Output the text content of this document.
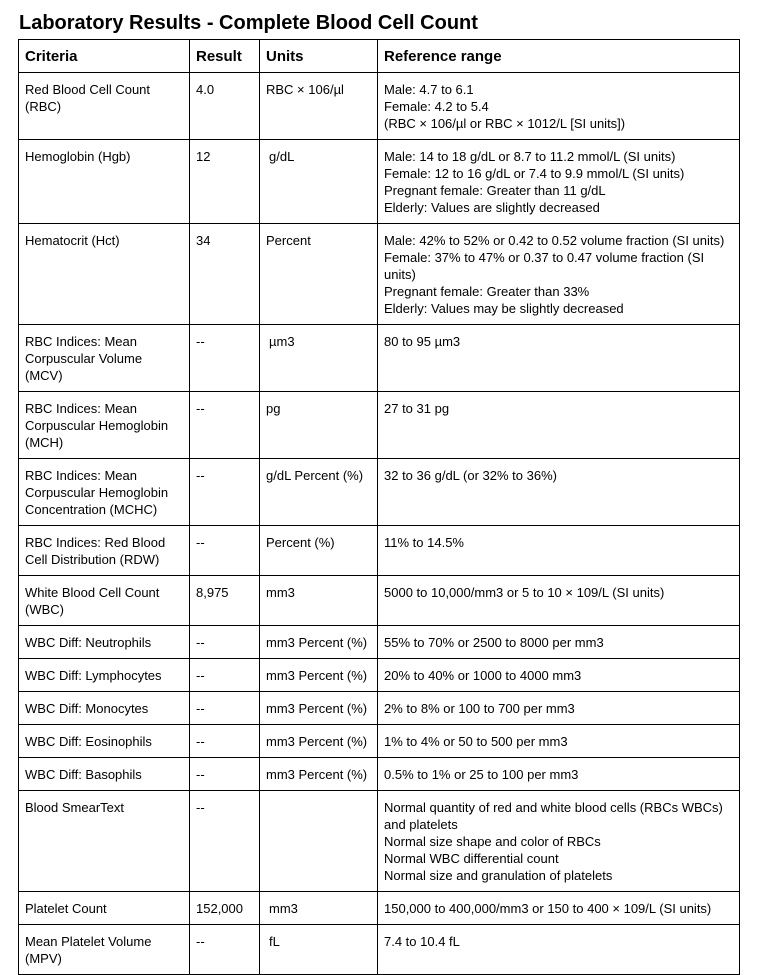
Laboratory Results - Complete Blood Cell Count
Criteria	Result	Units	Reference range
Red Blood Cell Count (RBC)	4.0	RBC × 106/µl	Male: 4.7 to 6.1
Female: 4.2 to 5.4
(RBC × 106/µl or RBC × 1012/L [SI units])

Hemoglobin (Hgb)	12	g/dL	Male: 14 to 18 g/dL or 8.7 to 11.2 mmol/L (SI units)
Female: 12 to 16 g/dL or 7.4 to 9.9 mmol/L (SI units)
Pregnant female: Greater than 11 g/dL
Elderly: Values are slightly decreased

Hematocrit (Hct)	34	Percent	Male: 42% to 52% or 0.42 to 0.52 volume fraction (SI units)
Female: 37% to 47% or 0.37 to 0.47 volume fraction (SI units)
Pregnant female: Greater than 33%
Elderly: Values may be slightly decreased

RBC Indices: Mean Corpuscular Volume (MCV)	--	µm3	80 to 95 µm3

RBC Indices: Mean Corpuscular Hemoglobin (MCH)	--	pg	27 to 31 pg

RBC Indices: Mean Corpuscular Hemoglobin Concentration (MCHC)	--	g/dL Percent (%)	32 to 36 g/dL (or 32% to 36%)

RBC Indices: Red Blood Cell Distribution (RDW)	--	Percent (%)	11% to 14.5%

White Blood Cell Count (WBC)	8,975	mm3	5000 to 10,000/mm3 or 5 to 10 × 109/L (SI units)

WBC Diff: Neutrophils	--	mm3 Percent (%)	55% to 70% or 2500 to 8000 per mm3

WBC Diff: Lymphocytes	--	mm3 Percent (%)	20% to 40% or 1000 to 4000 mm3

WBC Diff: Monocytes	--	mm3 Percent (%)	2% to 8% or 100 to 700 per mm3

WBC Diff: Eosinophils	--	mm3 Percent (%)	1% to 4% or 50 to 500 per mm3

WBC Diff: Basophils	--	mm3 Percent (%)	0.5% to 1% or 25 to 100 per mm3

Blood SmearText	--		Normal quantity of red and white blood cells (RBCs WBCs) and platelets
Normal size shape and color of RBCs
Normal WBC differential count
Normal size and granulation of platelets

Platelet Count	152,000	mm3	150,000 to 400,000/mm3 or 150 to 400 × 109/L (SI units)

Mean Platelet Volume (MPV)	--	fL	7.4 to 10.4 fL
